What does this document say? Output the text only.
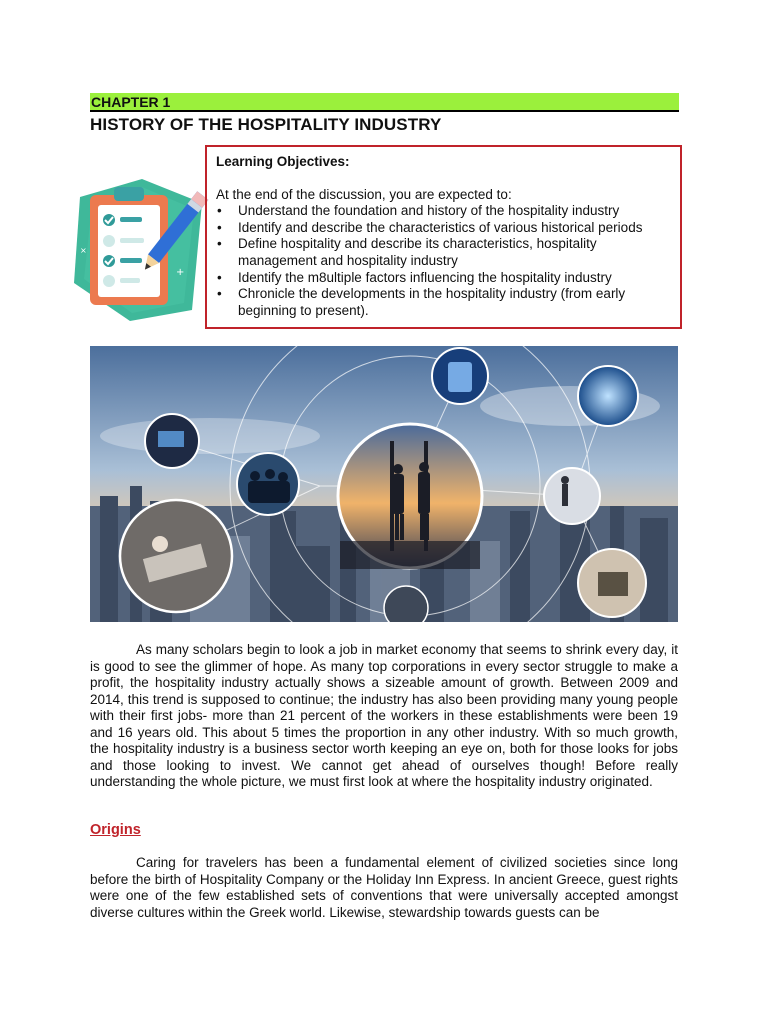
CHAPTER 1
HISTORY OF THE HOSPITALITY INDUSTRY
+
×
Learning Objectives:
At the end of the discussion, you are expected to:
• Understand the foundation and history of the hospitality industry
• Identify and describe the characteristics of various historical periods
• Define hospitality and describe its characteristics, hospitality management and hospitality industry
• Identify the m8ultiple factors influencing the hospitality industry
• Chronicle the developments in the hospitality industry (from early beginning to present).

As many scholars begin to look a job in market economy that seems to shrink every day, it is good to see the glimmer of hope. As many top corporations in every sector struggle to make a profit, the hospitality industry actually shows a sizeable amount of growth. Between 2009 and 2014, this trend is supposed to continue; the industry has also been providing many young people with their first jobs- more than 21 percent of the workers in these establishments were been 19 and 16 years old. This about 5 times the proportion in any other industry. With so much growth, the hospitality industry is a business sector worth keeping an eye on, both for those looks for jobs and those looking to invest. We cannot get ahead of ourselves though! Before really understanding the whole picture, we must first look at where the hospitality industry originated.

Origins

Caring for travelers has been a fundamental element of civilized societies since long before the birth of Hospitality Company or the Holiday Inn Express. In ancient Greece, guest rights were one of the few established sets of conventions that were universally accepted amongst diverse cultures within the Greek world. Likewise, stewardship towards guests can be
